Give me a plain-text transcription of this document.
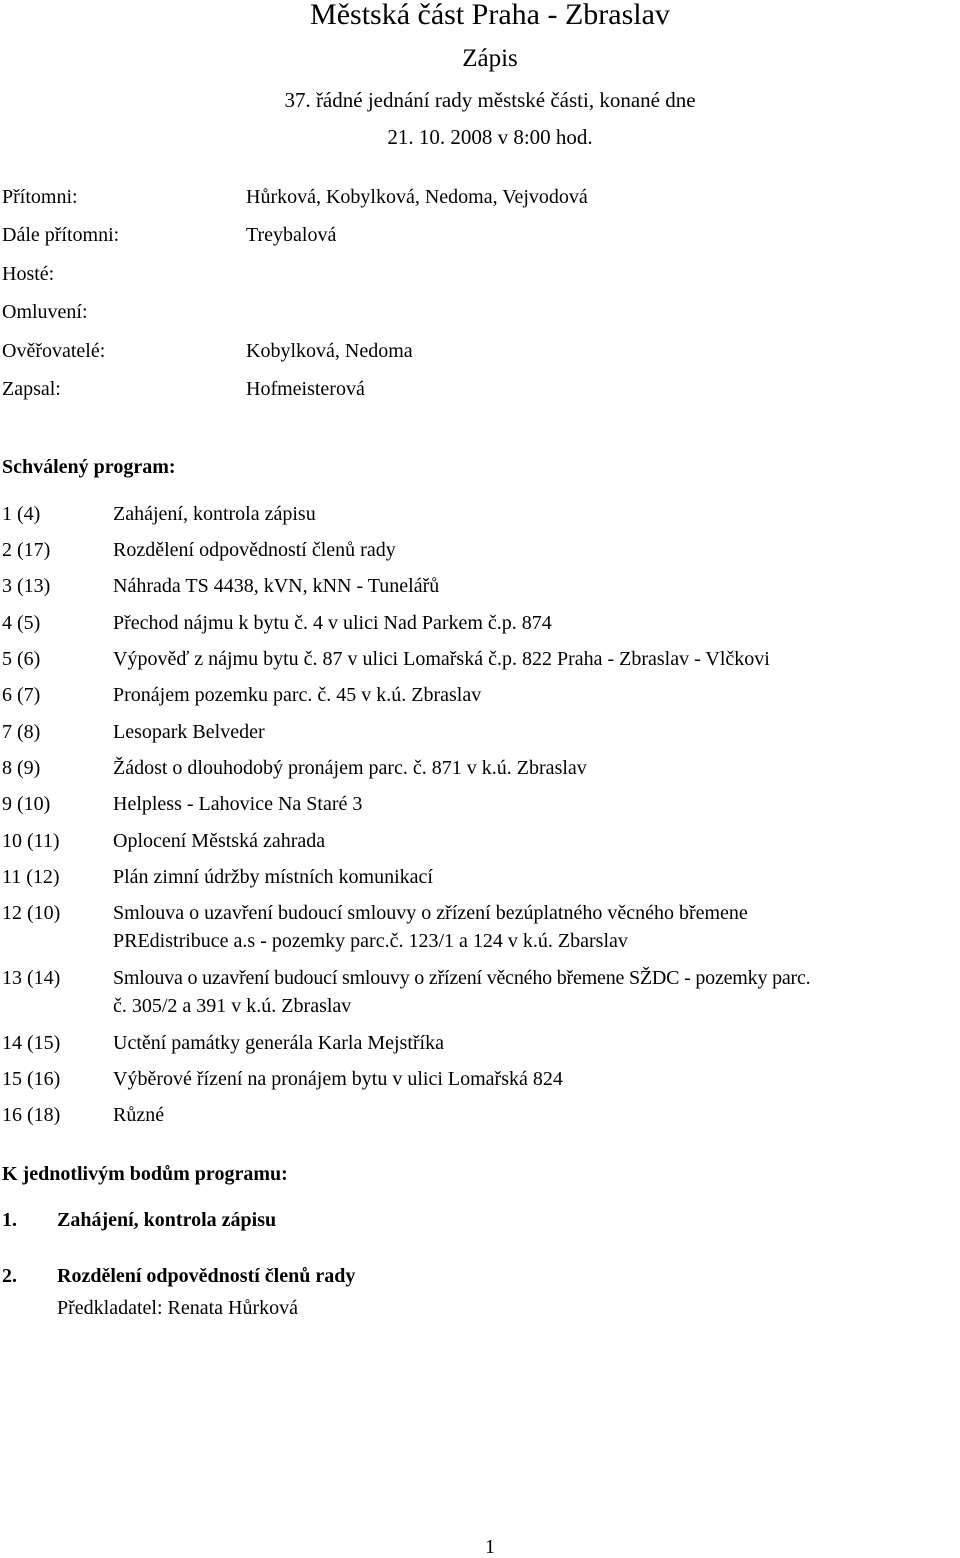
Městská část Praha - Zbraslav
Zápis
37. řádné jednání rady městské části, konané dne
21. 10. 2008 v 8:00 hod.
Přítomni:	Hůrková, Kobylková, Nedoma, Vejvodová
Dále přítomni:	Treybalová
Hosté:
Omluvení:
Ověřovatelé:	Kobylková, Nedoma
Zapsal:	Hofmeisterová
Schválený program:
1 (4)	Zahájení, kontrola zápisu
2 (17)	Rozdělení odpovědností členů rady
3 (13)	Náhrada TS 4438, kVN, kNN - Tunelářů
4 (5)	Přechod nájmu k bytu č. 4 v ulici Nad Parkem č.p. 874
5 (6)	Výpověď z nájmu bytu č. 87 v ulici Lomařská č.p. 822 Praha - Zbraslav - Vlčkovi
6 (7)	Pronájem pozemku parc. č. 45 v k.ú. Zbraslav
7 (8)	Lesopark Belveder
8 (9)	Žádost o dlouhodobý pronájem parc. č. 871 v k.ú. Zbraslav
9 (10)	Helpless - Lahovice Na Staré 3
10 (11)	Oplocení Městská zahrada
11 (12)	Plán zimní údržby místních komunikací
12 (10)	Smlouva o uzavření budoucí smlouvy o zřízení bezúplatného věcného břemene
PREdistribuce a.s - pozemky parc.č. 123/1 a 124 v k.ú. Zbarslav
13 (14)	Smlouva o uzavření budoucí smlouvy o zřízení věcného břemene SŽDC - pozemky parc.
č. 305/2 a 391 v k.ú. Zbraslav
14 (15)	Uctění památky generála Karla Mejstříka
15 (16)	Výběrové řízení na pronájem bytu v ulici Lomařská 824
16 (18)	Různé
K jednotlivým bodům programu:
1. Zahájení, kontrola zápisu
2. Rozdělení odpovědností členů rady
Předkladatel: Renata Hůrková
1
